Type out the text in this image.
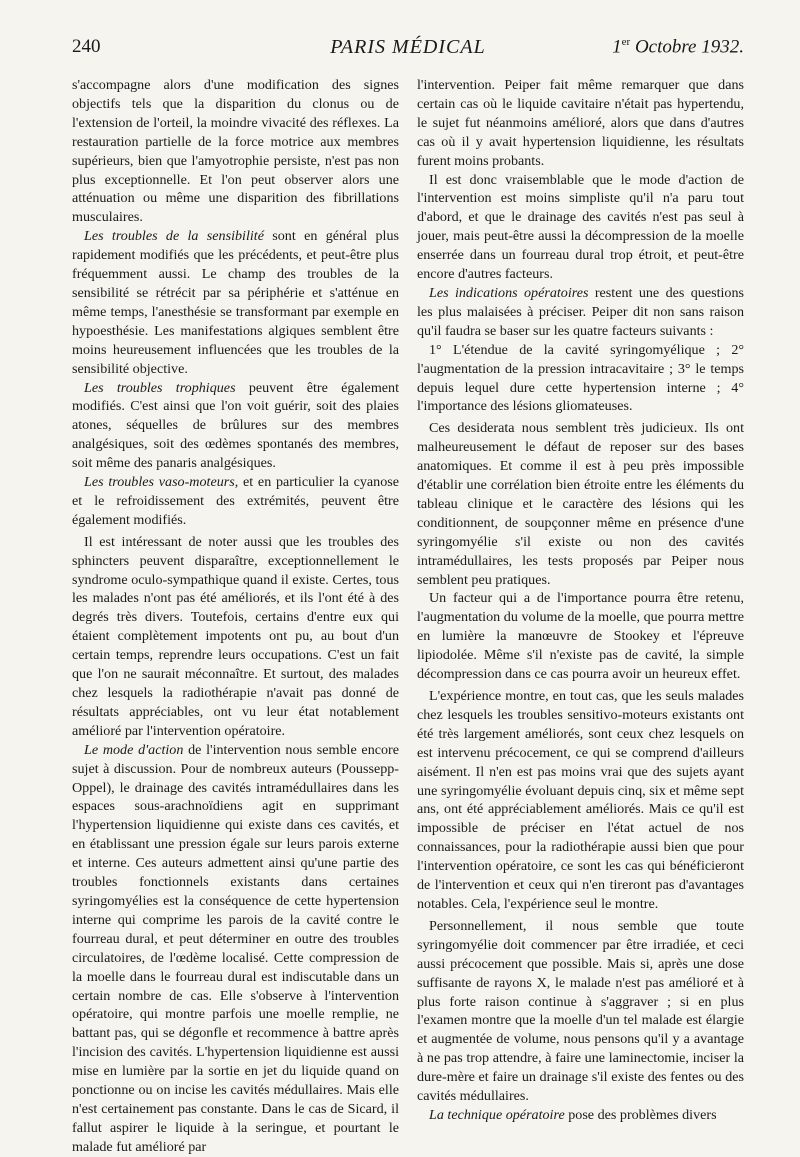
240	PARIS MÉDICAL	1er Octobre 1932.

s'accompagne alors d'une modification des signes objectifs tels que la disparition du clonus ou de l'extension de l'orteil, la moindre vivacité des réflexes. La restauration partielle de la force motrice aux membres supérieurs, bien que l'amyotrophie persiste, n'est pas non plus exceptionnelle. Et l'on peut observer alors une atténuation ou même une disparition des fibrillations musculaires.

Les troubles de la sensibilité sont en général plus rapidement modifiés que les précédents, et peut-être plus fréquemment aussi. Le champ des troubles de la sensibilité se rétrécit par sa périphérie et s'atténue en même temps, l'anesthésie se transformant par exemple en hypoesthésie. Les manifestations algiques semblent être moins heureusement influencées que les troubles de la sensibilité objective.

Les troubles trophiques peuvent être également modifiés. C'est ainsi que l'on voit guérir, soit des plaies atones, séquelles de brûlures sur des membres analgésiques, soit des œdèmes spontanés des membres, soit même des panaris analgésiques.

Les troubles vaso-moteurs, et en particulier la cyanose et le refroidissement des extrémités, peuvent être également modifiés.

Il est intéressant de noter aussi que les troubles des sphincters peuvent disparaître, exceptionnellement le syndrome oculo-sympathique quand il existe. Certes, tous les malades n'ont pas été améliorés, et ils l'ont été à des degrés très divers. Toutefois, certains d'entre eux qui étaient complètement impotents ont pu, au bout d'un certain temps, reprendre leurs occupations. C'est un fait que l'on ne saurait méconnaître. Et surtout, des malades chez lesquels la radiothérapie n'avait pas donné de résultats appréciables, ont vu leur état notablement amélioré par l'intervention opératoire.

Le mode d'action de l'intervention nous semble encore sujet à discussion. Pour de nombreux auteurs (Poussepp-Oppel), le drainage des cavités intramédullaires dans les espaces sous-arachnoïdiens agit en supprimant l'hypertension liquidienne qui existe dans ces cavités, et en établissant une pression égale sur leurs parois externe et interne. Ces auteurs admettent ainsi qu'une partie des troubles fonctionnels existants dans certaines syringomyélies est la conséquence de cette hypertension interne qui comprime les parois de la cavité contre le fourreau dural, et peut déterminer en outre des troubles circulatoires, de l'œdème localisé. Cette compression de la moelle dans le fourreau dural est indiscutable dans un certain nombre de cas. Elle s'observe à l'intervention opératoire, qui montre parfois une moelle remplie, ne battant pas, qui se dégonfle et recommence à battre après l'incision des cavités. L'hypertension liquidienne est aussi mise en lumière par la sortie en jet du liquide quand on ponctionne ou on incise les cavités médullaires. Mais elle n'est certainement pas constante. Dans le cas de Sicard, il fallut aspirer le liquide à la seringue, et pourtant le malade fut amélioré par

l'intervention. Peiper fait même remarquer que dans certain cas où le liquide cavitaire n'était pas hypertendu, le sujet fut néanmoins amélioré, alors que dans d'autres cas où il y avait hypertension liquidienne, les résultats furent moins probants.

Il est donc vraisemblable que le mode d'action de l'intervention est moins simpliste qu'il n'a paru tout d'abord, et que le drainage des cavités n'est pas seul à jouer, mais peut-être aussi la décompression de la moelle enserrée dans un fourreau dural trop étroit, et peut-être encore d'autres facteurs.

Les indications opératoires restent une des questions les plus malaisées à préciser. Peiper dit non sans raison qu'il faudra se baser sur les quatre facteurs suivants :

1° L'étendue de la cavité syringomyélique ; 2° l'augmentation de la pression intracavitaire ; 3° le temps depuis lequel dure cette hypertension interne ; 4° l'importance des lésions gliomateuses.

Ces desiderata nous semblent très judicieux. Ils ont malheureusement le défaut de reposer sur des bases anatomiques. Et comme il est à peu près impossible d'établir une corrélation bien étroite entre les éléments du tableau clinique et le caractère des lésions qui les conditionnent, de soupçonner même en présence d'une syringomyélie s'il existe ou non des cavités intramédullaires, les tests proposés par Peiper nous semblent peu pratiques.

Un facteur qui a de l'importance pourra être retenu, l'augmentation du volume de la moelle, que pourra mettre en lumière la manœuvre de Stookey et l'épreuve lipiodolée. Même s'il n'existe pas de cavité, la simple décompression dans ce cas pourra avoir un heureux effet.

L'expérience montre, en tout cas, que les seuls malades chez lesquels les troubles sensitivo-moteurs existants ont été très largement améliorés, sont ceux chez lesquels on est intervenu précocement, ce qui se comprend d'ailleurs aisément. Il n'en est pas moins vrai que des sujets ayant une syringomyélie évoluant depuis cinq, six et même sept ans, ont été appréciablement améliorés. Mais ce qu'il est impossible de préciser en l'état actuel de nos connaissances, pour la radiothérapie aussi bien que pour l'intervention opératoire, ce sont les cas qui bénéficieront de l'intervention et ceux qui n'en tireront pas d'avantages notables. Cela, l'expérience seul le montre.

Personnellement, il nous semble que toute syringomyélie doit commencer par être irradiée, et ceci aussi précocement que possible. Mais si, après une dose suffisante de rayons X, le malade n'est pas amélioré et à plus forte raison continue à s'aggraver ; si en plus l'examen montre que la moelle d'un tel malade est élargie et augmentée de volume, nous pensons qu'il y a avantage à ne pas trop attendre, à faire une laminectomie, inciser la dure-mère et faire un drainage s'il existe des fentes ou des cavités médullaires.

La technique opératoire pose des problèmes divers
